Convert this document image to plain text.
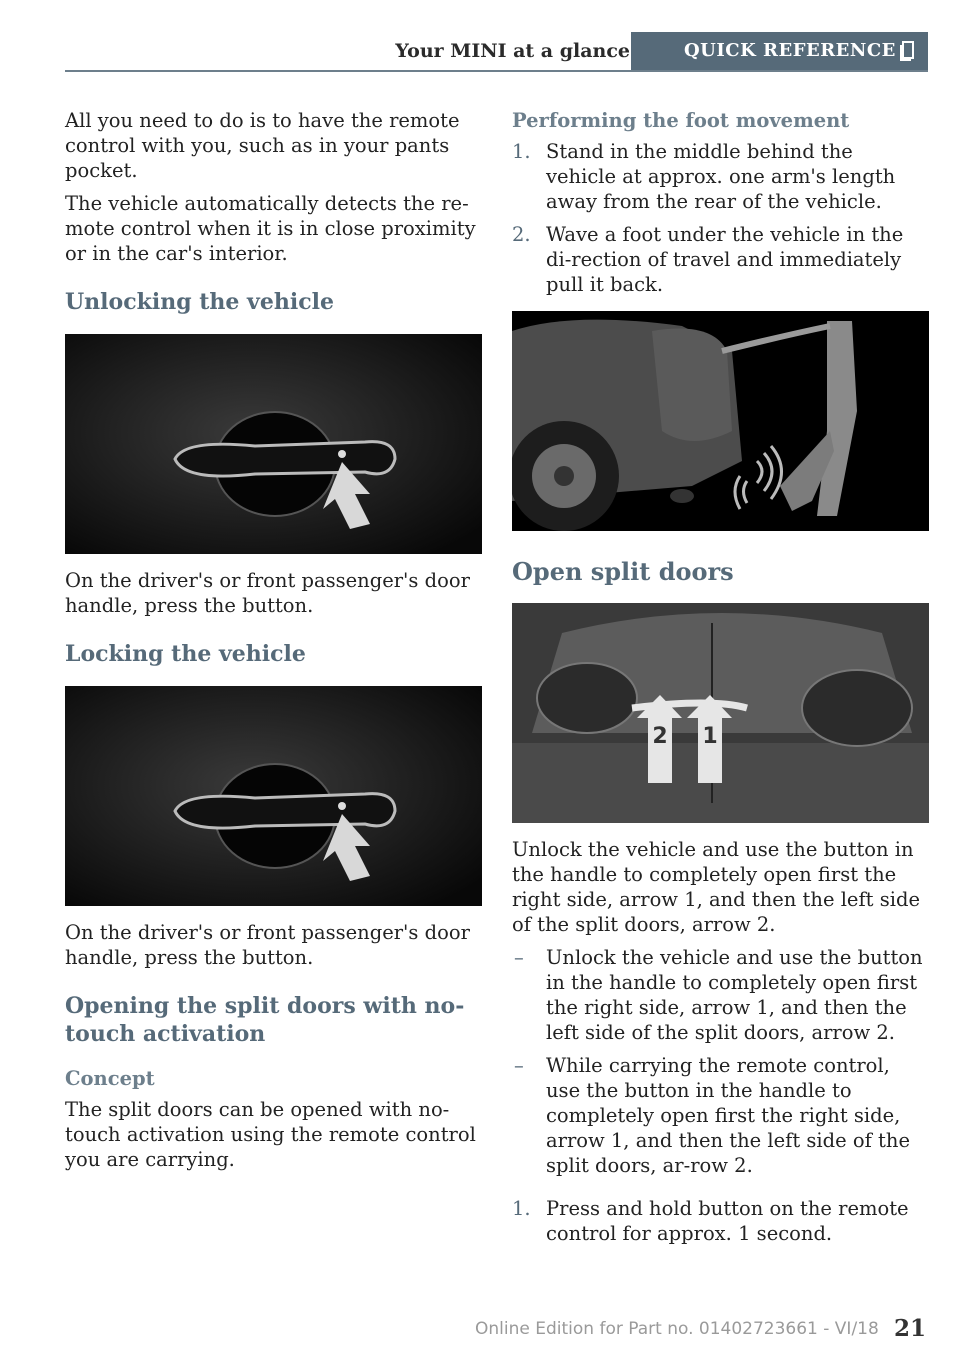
Your MINI at a glance	QUICK REFERENCE

All you need to do is to have the remote control with you, such as in your pants pocket.

The vehicle automatically detects the re-mote control when it is in close proximity or in the car's interior.

Unlocking the vehicle

On the driver's or front passenger's door handle, press the button.

Locking the vehicle

On the driver's or front passenger's door handle, press the button.

Opening the split doors with no-touch activation
Concept

The split doors can be opened with no-touch activation using the remote control you are carrying.

Performing the foot movement
1. Stand in the middle behind the vehicle at approx. one arm's length away from the rear of the vehicle.
2. Wave a foot under the vehicle in the di-rection of travel and immediately pull it back.
Open split doors
2 1

Unlock the vehicle and use the button in the handle to completely open first the right side, arrow 1, and then the left side of the split doors, arrow 2.

– Unlock the vehicle and use the button in the handle to completely open first the right side, arrow 1, and then the left side of the split doors, arrow 2.
– While carrying the remote control, use the button in the handle to completely open first the right side, arrow 1, and then the left side of the split doors, ar-row 2.
1. Press and hold button on the remote control for approx. 1 second.
Online Edition for Part no. 01402723661 - VI/18 21
